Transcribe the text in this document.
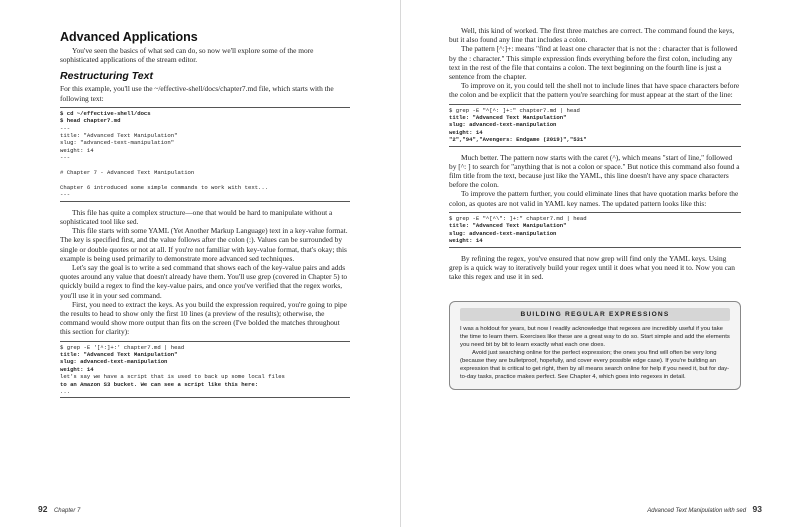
Advanced Applications

You've seen the basics of what sed can do, so now we'll explore some of the more sophisticated applications of the stream editor.

Restructuring Text

For this example, you'll use the ~/effective-shell/docs/chapter7.md file, which starts with the following text:

$ cd ~/effective-shell/docs
$ head chapter7.md
---
title: "Advanced Text Manipulation"
slug: "advanced-text-manipulation"
weight: 14
---

# Chapter 7 - Advanced Text Manipulation

Chapter 6 introduced some simple commands to work with text...
---

This file has quite a complex structure—one that would be hard to manipulate without a sophisticated tool like sed.

This file starts with some YAML (Yet Another Markup Language) text in a key-value format. The key is specified first, and the value follows after the colon (:). Values can be surrounded by single or double quotes or not at all. If you're not familiar with key-value format, that's okay; this example is being used primarily to demonstrate more advanced sed techniques.

Let's say the goal is to write a sed command that shows each of the key-value pairs and adds quotes around any value that doesn't already have them. You'll use grep (covered in Chapter 5) to quickly build a regex to find the key-value pairs, and once you've verified that the regex works, you'll use it in your sed command.

First, you need to extract the keys. As you build the expression required, you're going to pipe the results to head to show only the first 10 lines (a preview of the results); otherwise, the command would show more output than fits on the screen (I've bolded the matches throughout this section for clarity):

$ grep -E '[^:]+:' chapter7.md | head
title: "Advanced Text Manipulation"
slug: advanced-text-manipulation
weight: 14
let's say we have a script that is used to back up some local files
to an Amazon S3 bucket. We can see a script like this here:
...
92 Chapter 7

Well, this kind of worked. The first three matches are correct. The command found the keys, but it also found any line that includes a colon.

The pattern [^:]+: means "find at least one character that is not the : character that is followed by the : character." This simple expression finds everything before the first colon, including any text in the rest of the file that contains a colon. The text beginning on the fourth line is just a sentence from the chapter.

To improve on it, you could tell the shell not to include lines that have space characters before the colon and be explicit that the pattern you're searching for must appear at the start of the line:

$ grep -E "^[^: ]+:" chapter7.md | head
title: "Advanced Text Manipulation"
slug: advanced-text-manipulation
weight: 14
"2","94","Avengers: Endgame (2019)","531"

Much better. The pattern now starts with the caret (^), which means "start of line," followed by [^: ] to search for "anything that is not a colon or space." But notice this command also found a film title from the text, because just like the YAML, this line doesn't have any space characters before the colon.

To improve the pattern further, you could eliminate lines that have quotation marks before the colon, as quotes are not valid in YAML key names. The updated pattern looks like this:

$ grep -E "^[^\": ]+:" chapter7.md | head
title: "Advanced Text Manipulation"
slug: advanced-text-manipulation
weight: 14

By refining the regex, you've ensured that now grep will find only the YAML keys. Using grep is a quick way to iteratively build your regex until it does what you need it to. Now you can take this regex and use it in sed.

BUILDING REGULAR EXPRESSIONS

I was a holdout for years, but now I readily acknowledge that regexes are incredibly useful if you take the time to learn them. Exercises like these are a great way to do so. Start simple and add the elements you need bit by bit to learn exactly what each one does.

Avoid just searching online for the perfect expression; the ones you find will often be very long (because they are bulletproof, hopefully, and cover every possible edge case). If you're building an expression that is critical to get right, then by all means search online for help if you need it, but for day-to-day tasks, practice makes perfect. See Chapter 4, which goes into regexes in detail.

Advanced Text Manipulation with sed 93
